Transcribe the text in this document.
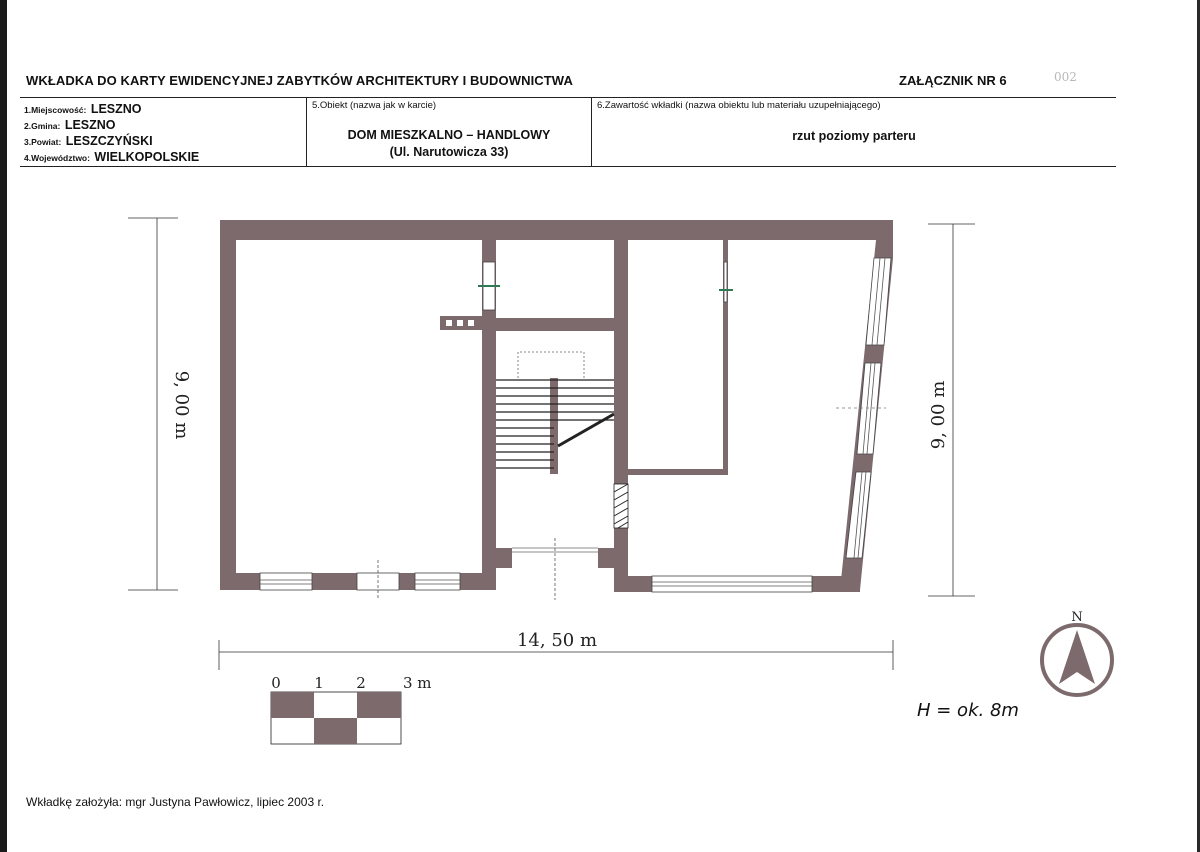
WKŁADKA DO KARTY EWIDENCYJNEJ ZABYTKÓW ARCHITEKTURY I BUDOWNICTWA	ZAŁĄCZNIK NR 6	002
1.Miejscowość: LESZNO
2.Gmina: LESZNO
3.Powiat: LESZCZYŃSKI
4.Województwo: WIELKOPOLSKIE
5.Obiekt (nazwa jak w karcie)
DOM MIESZKALNO – HANDLOWY
(Ul. Narutowicza 33)
6.Zawartość wkładki (nazwa obiektu lub materiału uzupełniającego)
rzut poziomy parteru
9, 00 m	9, 00 m
14, 50 m
0 1 2 3 m
N
H = ok. 8m
Wkładkę założyła: mgr Justyna Pawłowicz, lipiec 2003 r.
